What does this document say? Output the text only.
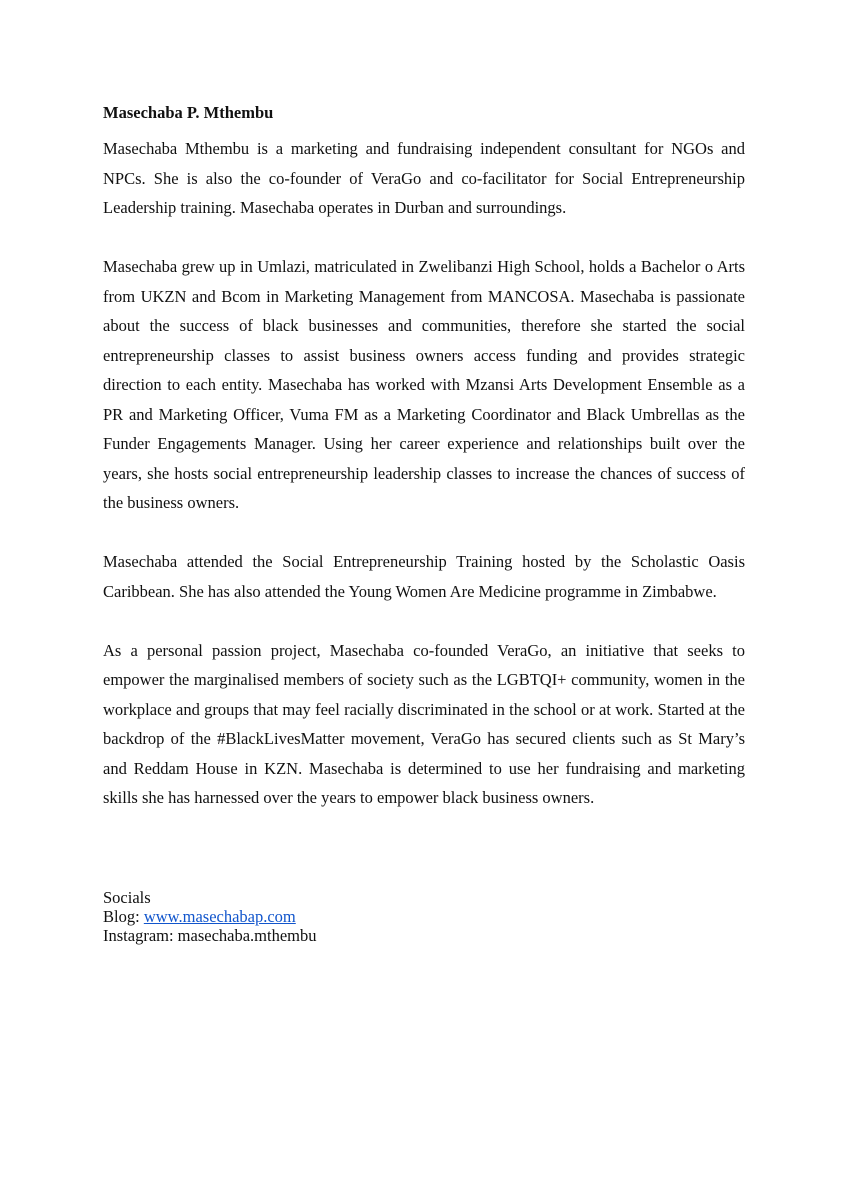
Masechaba P. Mthembu

Masechaba Mthembu is a marketing and fundraising independent consultant for NGOs and NPCs. She is also the co-founder of VeraGo and co-facilitator for Social Entrepreneurship Leadership training. Masechaba operates in Durban and surroundings.

Masechaba grew up in Umlazi, matriculated in Zwelibanzi High School, holds a Bachelor o Arts from UKZN and Bcom in Marketing Management from MANCOSA. Masechaba is passionate about the success of black businesses and communities, therefore she started the social entrepreneurship classes to assist business owners access funding and provides strategic direction to each entity. Masechaba has worked with Mzansi Arts Development Ensemble as a PR and Marketing Officer, Vuma FM as a Marketing Coordinator and Black Umbrellas as the Funder Engagements Manager. Using her career experience and relationships built over the years, she hosts social entrepreneurship leadership classes to increase the chances of success of the business owners.

Masechaba attended the Social Entrepreneurship Training hosted by the Scholastic Oasis Caribbean. She has also attended the Young Women Are Medicine programme in Zimbabwe.

As a personal passion project, Masechaba co-founded VeraGo, an initiative that seeks to empower the marginalised members of society such as the LGBTQI+ community, women in the workplace and groups that may feel racially discriminated in the school or at work. Started at the backdrop of the #BlackLivesMatter movement, VeraGo has secured clients such as St Mary’s and Reddam House in KZN. Masechaba is determined to use her fundraising and marketing skills she has harnessed over the years to empower black business owners.

Socials
Blog: www.masechabap.com
Instagram: masechaba.mthembu
